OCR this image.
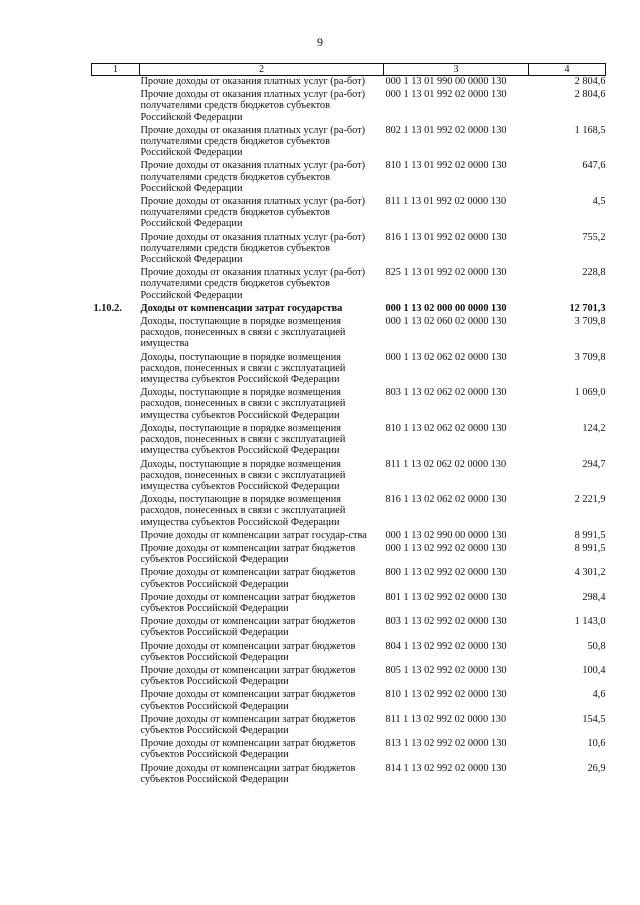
9
1	2	3	4
	Прочие доходы от оказания платных услуг (ра-бот)	000 1 13 01 990 00 0000 130	2 804,6
	Прочие доходы от оказания платных услуг (ра-бот) получателями средств бюджетов субъектов Российской Федерации	000 1 13 01 992 02 0000 130	2 804,6
	Прочие доходы от оказания платных услуг (ра-бот) получателями средств бюджетов субъектов Российской Федерации	802 1 13 01 992 02 0000 130	1 168,5
	Прочие доходы от оказания платных услуг (ра-бот) получателями средств бюджетов субъектов Российской Федерации	810 1 13 01 992 02 0000 130	647,6
	Прочие доходы от оказания платных услуг (ра-бот) получателями средств бюджетов субъектов Российской Федерации	811 1 13 01 992 02 0000 130	4,5
	Прочие доходы от оказания платных услуг (ра-бот) получателями средств бюджетов субъектов Российской Федерации	816 1 13 01 992 02 0000 130	755,2
	Прочие доходы от оказания платных услуг (ра-бот) получателями средств бюджетов субъектов Российской Федерации	825 1 13 01 992 02 0000 130	228,8
1.10.2.	Доходы от компенсации затрат государства	000 1 13 02 000 00 0000 130	12 701,3
	Доходы, поступающие в порядке возмещения расходов, понесенных в связи с эксплуатацией имущества	000 1 13 02 060 02 0000 130	3 709,8
	Доходы, поступающие в порядке возмещения расходов, понесенных в связи с эксплуатацией имущества субъектов Российской Федерации	000 1 13 02 062 02 0000 130	3 709,8
	Доходы, поступающие в порядке возмещения расходов, понесенных в связи с эксплуатацией имущества субъектов Российской Федерации	803 1 13 02 062 02 0000 130	1 069,0
	Доходы, поступающие в порядке возмещения расходов, понесенных в связи с эксплуатацией имущества субъектов Российской Федерации	810 1 13 02 062 02 0000 130	124,2
	Доходы, поступающие в порядке возмещения расходов, понесенных в связи с эксплуатацией имущества субъектов Российской Федерации	811 1 13 02 062 02 0000 130	294,7
	Доходы, поступающие в порядке возмещения расходов, понесенных в связи с эксплуатацией имущества субъектов Российской Федерации	816 1 13 02 062 02 0000 130	2 221,9
	Прочие доходы от компенсации затрат государ-ства	000 1 13 02 990 00 0000 130	8 991,5
	Прочие доходы от компенсации затрат бюджетов субъектов Российской Федерации	000 1 13 02 992 02 0000 130	8 991,5
	Прочие доходы от компенсации затрат бюджетов субъектов Российской Федерации	800 1 13 02 992 02 0000 130	4 301,2
	Прочие доходы от компенсации затрат бюджетов субъектов Российской Федерации	801 1 13 02 992 02 0000 130	298,4
	Прочие доходы от компенсации затрат бюджетов субъектов Российской Федерации	803 1 13 02 992 02 0000 130	1 143,0
	Прочие доходы от компенсации затрат бюджетов субъектов Российской Федерации	804 1 13 02 992 02 0000 130	50,8
	Прочие доходы от компенсации затрат бюджетов субъектов Российской Федерации	805 1 13 02 992 02 0000 130	100,4
	Прочие доходы от компенсации затрат бюджетов субъектов Российской Федерации	810 1 13 02 992 02 0000 130	4,6
	Прочие доходы от компенсации затрат бюджетов субъектов Российской Федерации	811 1 13 02 992 02 0000 130	154,5
	Прочие доходы от компенсации затрат бюджетов субъектов Российской Федерации	813 1 13 02 992 02 0000 130	10,6
	Прочие доходы от компенсации затрат бюджетов субъектов Российской Федерации	814 1 13 02 992 02 0000 130	26,9
